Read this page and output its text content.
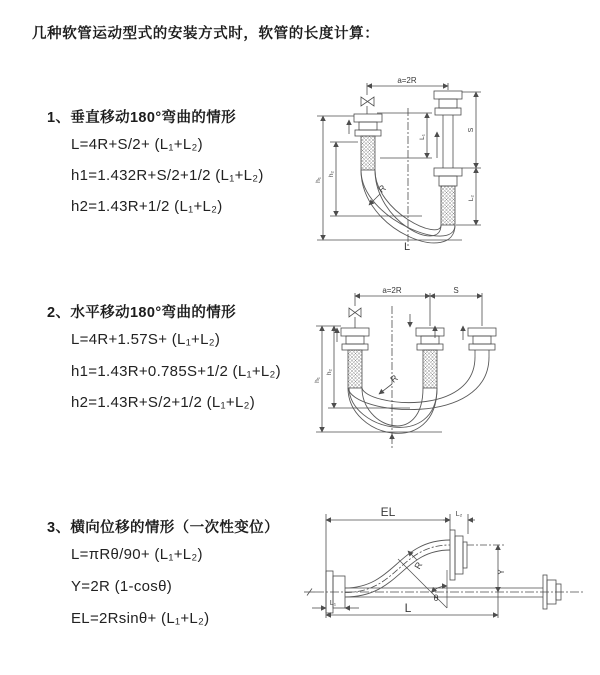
几种软管运动型式的安装方式时，软管的长度计算：
1、垂直移动180°弯曲的情形
L=4R+S/2+ (L₁+L₂)
h1=1.432R+S/2+1/2 (L₁+L₂)
h2=1.43R+1/2 (L₁+L₂)
2、水平移动180°弯曲的情形
L=4R+1.57S+ (L₁+L₂)
h1=1.43R+0.785S+1/2 (L₁+L₂)
h2=1.43R+S/2+1/2 (L₁+L₂)
3、横向位移的情形（一次性变位）
L=πRθ/90+ (L₁+L₂)
Y=2R (1-cosθ)
EL=2Rsinθ+ (L₁+L₂)
a=2R
S
L₂
L₁
h₁
h₂
R
L
a=2R	S
h₁
h₂
R
EL	L₂
L₁	L
Y
R
θ
